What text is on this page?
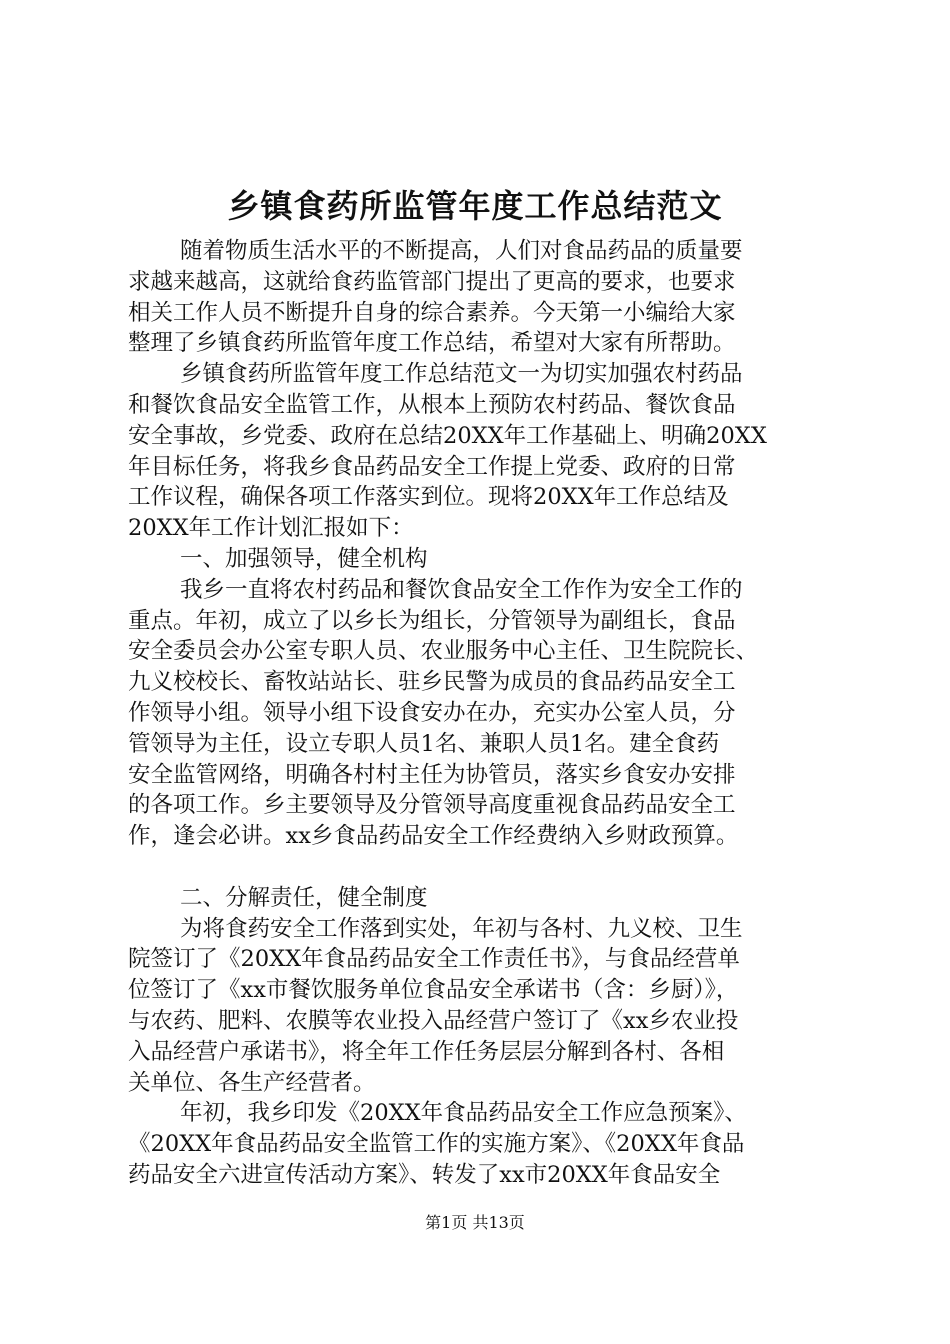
乡镇食药所监管年度工作总结范文
随着物质生活水平的不断提高，人们对食品药品的质量要
求越来越高，这就给食药监管部门提出了更高的要求，也要求
相关工作人员不断提升自身的综合素养。今天第一小编给大家
整理了乡镇食药所监管年度工作总结，希望对大家有所帮助。
乡镇食药所监管年度工作总结范文一为切实加强农村药品
和餐饮食品安全监管工作，从根本上预防农村药品、餐饮食品
安全事故，乡党委、政府在总结20XX年工作基础上、明确20XX
年目标任务，将我乡食品药品安全工作提上党委、政府的日常
工作议程，确保各项工作落实到位。现将20XX年工作总结及
20XX年工作计划汇报如下：
一、加强领导，健全机构
我乡一直将农村药品和餐饮食品安全工作作为安全工作的
重点。年初，成立了以乡长为组长，分管领导为副组长，食品
安全委员会办公室专职人员、农业服务中心主任、卫生院院长、
九义校校长、畜牧站站长、驻乡民警为成员的食品药品安全工
作领导小组。领导小组下设食安办在办，充实办公室人员，分
管领导为主任，设立专职人员1名、兼职人员1名。建全食药
安全监管网络，明确各村村主任为协管员，落实乡食安办安排
的各项工作。乡主要领导及分管领导高度重视食品药品安全工
作，逢会必讲。xx乡食品药品安全工作经费纳入乡财政预算。
二、分解责任，健全制度
为将食药安全工作落到实处，年初与各村、九义校、卫生
院签订了《20XX年食品药品安全工作责任书》，与食品经营单
位签订了《xx市餐饮服务单位食品安全承诺书（含：乡厨）》，
与农药、肥料、农膜等农业投入品经营户签订了《xx乡农业投
入品经营户承诺书》，将全年工作任务层层分解到各村、各相
关单位、各生产经营者。
年初，我乡印发《20XX年食品药品安全工作应急预案》、
《20XX年食品药品安全监管工作的实施方案》、《20XX年食品
药品安全六进宣传活动方案》、转发了xx市20XX年食品安全
第1页 共13页
